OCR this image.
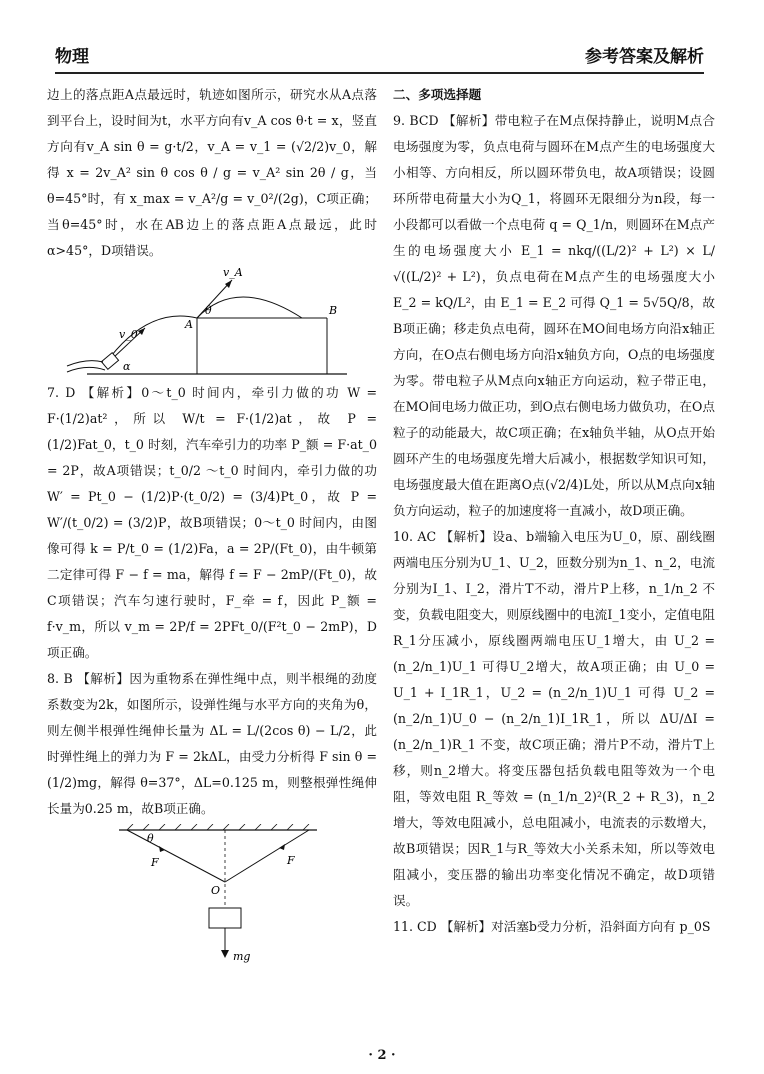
物理	参考答案及解析

边上的落点距A点最远时，轨迹如图所示，研究水从A点落到平台上，设时间为t，水平方向有v_A cos θ·t = x，竖直方向有v_A sin θ = g·t/2，v_A = v_1 = (√2/2)v_0，解得 x = 2v_A² sin θ cos θ / g = v_A² sin 2θ / g，当 θ=45°时，有 x_max = v_A²/g = v_0²/(2g)，C项正确；当θ=45°时，水在AB边上的落点距A点最远，此时α>45°，D项错误。

v_A
θ
A
B
v_0
α

7. D 【解析】0～t_0 时间内，牵引力做的功 W = F·(1/2)at²，所以 W/t = F·(1/2)at，故 P = (1/2)Fat_0，t_0 时刻，汽车牵引力的功率 P_额 = F·at_0 = 2P，故A项错误；t_0/2 ～t_0 时间内，牵引力做的功 W′ = Pt_0 − (1/2)P·(t_0/2) = (3/4)Pt_0，故 P = W′/(t_0/2) = (3/2)P，故B项错误；0～t_0 时间内，由图像可得 k = P/t_0 = (1/2)Fa，a = 2P/(Ft_0)，由牛顿第二定律可得 F − f = ma，解得 f = F − 2mP/(Ft_0)，故C项错误；汽车匀速行驶时，F_牵 = f，因此 P_额 = f·v_m，所以 v_m = 2P/f = 2PFt_0/(F²t_0 − 2mP)，D项正确。

8. B 【解析】因为重物系在弹性绳中点，则半根绳的劲度系数变为2k，如图所示，设弹性绳与水平方向的夹角为θ，则左侧半根弹性绳伸长量为 ΔL = L/(2cos θ) − L/2，此时弹性绳上的弹力为 F = 2kΔL，由受力分析得 F sin θ = (1/2)mg，解得 θ=37°，ΔL=0.125 m，则整根弹性绳伸长量为0.25 m，故B项正确。

θ
F	F
O
mg

二、多项选择题

9. BCD 【解析】带电粒子在M点保持静止，说明M点合电场强度为零，负点电荷与圆环在M点产生的电场强度大小相等、方向相反，所以圆环带负电，故A项错误；设圆环所带电荷量大小为Q_1，将圆环无限细分为n段，每一小段都可以看做一个点电荷 q = Q_1/n，则圆环在M点产生的电场强度大小 E_1 = nkq/((L/2)² + L²) × L/√((L/2)² + L²)，负点电荷在M点产生的电场强度大小 E_2 = kQ/L²，由 E_1 = E_2 可得 Q_1 = 5√5Q/8，故B项正确；移走负点电荷，圆环在MO间电场方向沿x轴正方向，在O点右侧电场方向沿x轴负方向，O点的电场强度为零。带电粒子从M点向x轴正方向运动，粒子带正电，在MO间电场力做正功，到O点右侧电场力做负功，在O点粒子的动能最大，故C项正确；在x轴负半轴，从O点开始圆环产生的电场强度先增大后减小，根据数学知识可知，电场强度最大值在距离O点(√2/4)L处，所以从M点向x轴负方向运动，粒子的加速度将一直减小，故D项正确。

10. AC 【解析】设a、b端输入电压为U_0，原、副线圈两端电压分别为U_1、U_2，匝数分别为n_1、n_2，电流分别为I_1、I_2，滑片T不动，滑片P上移，n_1/n_2 不变，负载电阻变大，则原线圈中的电流I_1变小，定值电阻R_1分压减小，原线圈两端电压U_1增大，由 U_2 = (n_2/n_1)U_1 可得U_2增大，故A项正确；由 U_0 = U_1 + I_1R_1，U_2 = (n_2/n_1)U_1 可得 U_2 = (n_2/n_1)U_0 − (n_2/n_1)I_1R_1，所以 ΔU/ΔI = (n_2/n_1)R_1 不变，故C项正确；滑片P不动，滑片T上移，则n_2增大。将变压器包括负载电阻等效为一个电阻，等效电阻 R_等效 = (n_1/n_2)²(R_2 + R_3)，n_2增大，等效电阻减小，总电阻减小，电流表的示数增大，故B项错误；因R_1与R_等效大小关系未知，所以等效电阻减小，变压器的输出功率变化情况不确定，故D项错误。

11. CD 【解析】对活塞b受力分析，沿斜面方向有 p_0S

· 2 ·
